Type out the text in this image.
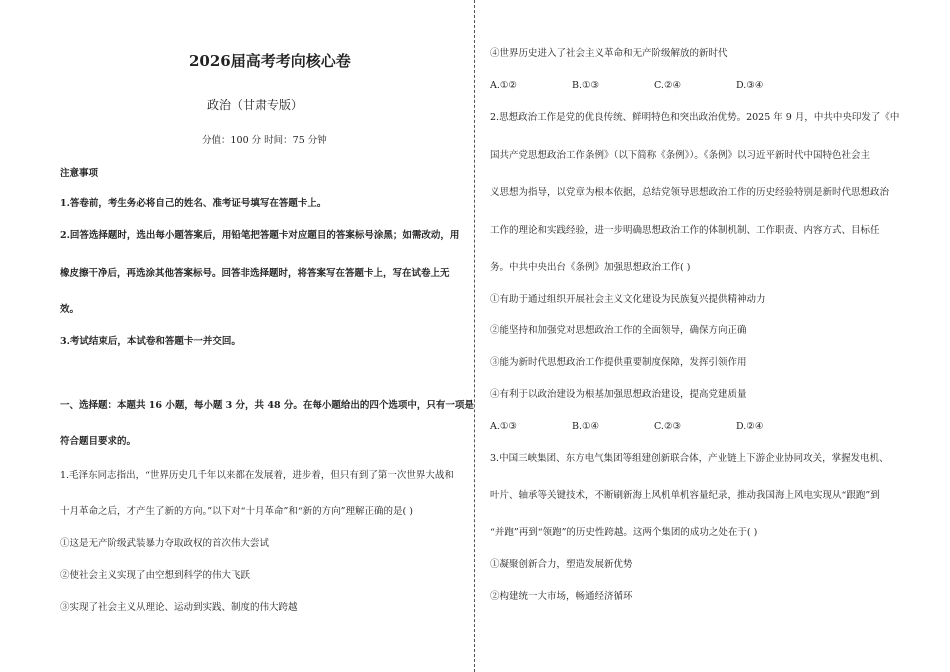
2026届高考考向核心卷
政治（甘肃专版）
分值：100 分 时间：75 分钟
注意事项
1.答卷前，考生务必将自己的姓名、准考证号填写在答题卡上。
2.回答选择题时，选出每小题答案后，用铅笔把答题卡对应题目的答案标号涂黑；如需改动，用
橡皮擦干净后，再选涂其他答案标号。回答非选择题时，将答案写在答题卡上，写在试卷上无
效。
3.考试结束后，本试卷和答题卡一并交回。
一、选择题：本题共 16 小题，每小题 3 分，共 48 分。在每小题给出的四个选项中，只有一项是
符合题目要求的。
1.毛泽东同志指出，“世界历史几千年以来都在发展着，进步着，但只有到了第一次世界大战和
十月革命之后，才产生了新的方向。”以下对“十月革命”和“新的方向”理解正确的是( )
①这是无产阶级武装暴力夺取政权的首次伟大尝试
②使社会主义实现了由空想到科学的伟大飞跃
③实现了社会主义从理论、运动到实践、制度的伟大跨越
④世界历史进入了社会主义革命和无产阶级解放的新时代
A.①②	B.①③	C.②④	D.③④
2.思想政治工作是党的优良传统、鲜明特色和突出政治优势。2025 年 9 月，中共中央印发了《中
国共产党思想政治工作条例》（以下简称《条例》）。《条例》以习近平新时代中国特色社会主
义思想为指导，以党章为根本依据，总结党领导思想政治工作的历史经验特别是新时代思想政治
工作的理论和实践经验，进一步明确思想政治工作的体制机制、工作职责、内容方式、目标任
务。中共中央出台《条例》加强思想政治工作( )
①有助于通过组织开展社会主义文化建设为民族复兴提供精神动力
②能坚持和加强党对思想政治工作的全面领导，确保方向正确
③能为新时代思想政治工作提供重要制度保障，发挥引领作用
④有利于以政治建设为根基加强思想政治建设，提高党建质量
A.①③	B.①④	C.②③	D.②④
3.中国三峡集团、东方电气集团等组建创新联合体，产业链上下游企业协同攻关，掌握发电机、
叶片、轴承等关键技术，不断刷新海上风机单机容量纪录，推动我国海上风电实现从“跟跑”到
“并跑”再到“领跑”的历史性跨越。这两个集团的成功之处在于( )
①凝聚创新合力，塑造发展新优势
②构建统一大市场，畅通经济循环
